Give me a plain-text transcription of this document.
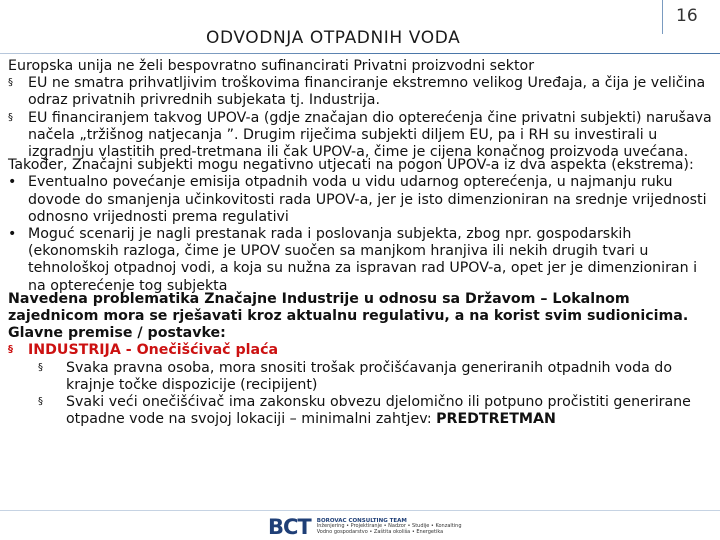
16
ODVODNJA OTPADNIH VODA

Europska unija ne želi bespovratno sufinancirati Privatni proizvodni sektor

§	EU ne smatra prihvatljivim troškovima financiranje ekstremno velikog Uređaja, a čija je veličina odraz privatnih privrednih subjekata tj. Industrija.
§	EU financiranjem takvog UPOV-a (gdje značajan dio opterećenja čine privatni subjekti) narušava načela „tržišnog natjecanja ”. Drugim riječima subjekti diljem EU, pa i RH su investirali u izgradnju vlastitih pred-tretmana ili čak UPOV-a, čime je cijena konačnog proizvoda uvećana.

Također, Značajni subjekti mogu negativno utjecati na pogon UPOV-a iz dva aspekta (ekstrema):

• Eventualno povećanje emisija otpadnih voda u vidu udarnog opterećenja, u najmanju ruku dovode do smanjenja učinkovitosti rada UPOV-a, jer je isto dimenzioniran na srednje vrijednosti odnosno vrijednosti prema regulativi
• Moguć scenarij je nagli prestanak rada i poslovanja subjekta, zbog npr. gospodarskih (ekonomskih razloga, čime je UPOV suočen sa manjkom hranjiva ili nekih drugih tvari u tehnološkoj otpadnoj vodi, a koja su nužna za ispravan rad UPOV-a, opet jer je dimenzioniran i na opterećenje tog subjekta

Navedena problematika Značajne Industrije u odnosu sa Državom – Lokalnom zajednicom mora se rješavati kroz aktualnu regulativu, a na korist svim sudionicima.

Glavne premise / postavke:

§	INDUSTRIJA - Onečišćivač plaća
§ Svaka pravna osoba, mora snositi trošak pročišćavanja generiranih otpadnih voda do krajnje točke dispozicije (recipijent)
§ Svaki veći onečišćivač ima zakonsku obvezu djelomično ili potpuno pročistiti generirane otpadne vode na svojoj lokaciji – minimalni zahtjev: PREDTRETMAN
BCT BOROVAC CONSULTING TEAM
Inženjering • Projektiranje • Nadzor • Studije • Konzalting
Vodno gospodarstvo • Zaštita okoliša • Energetika
